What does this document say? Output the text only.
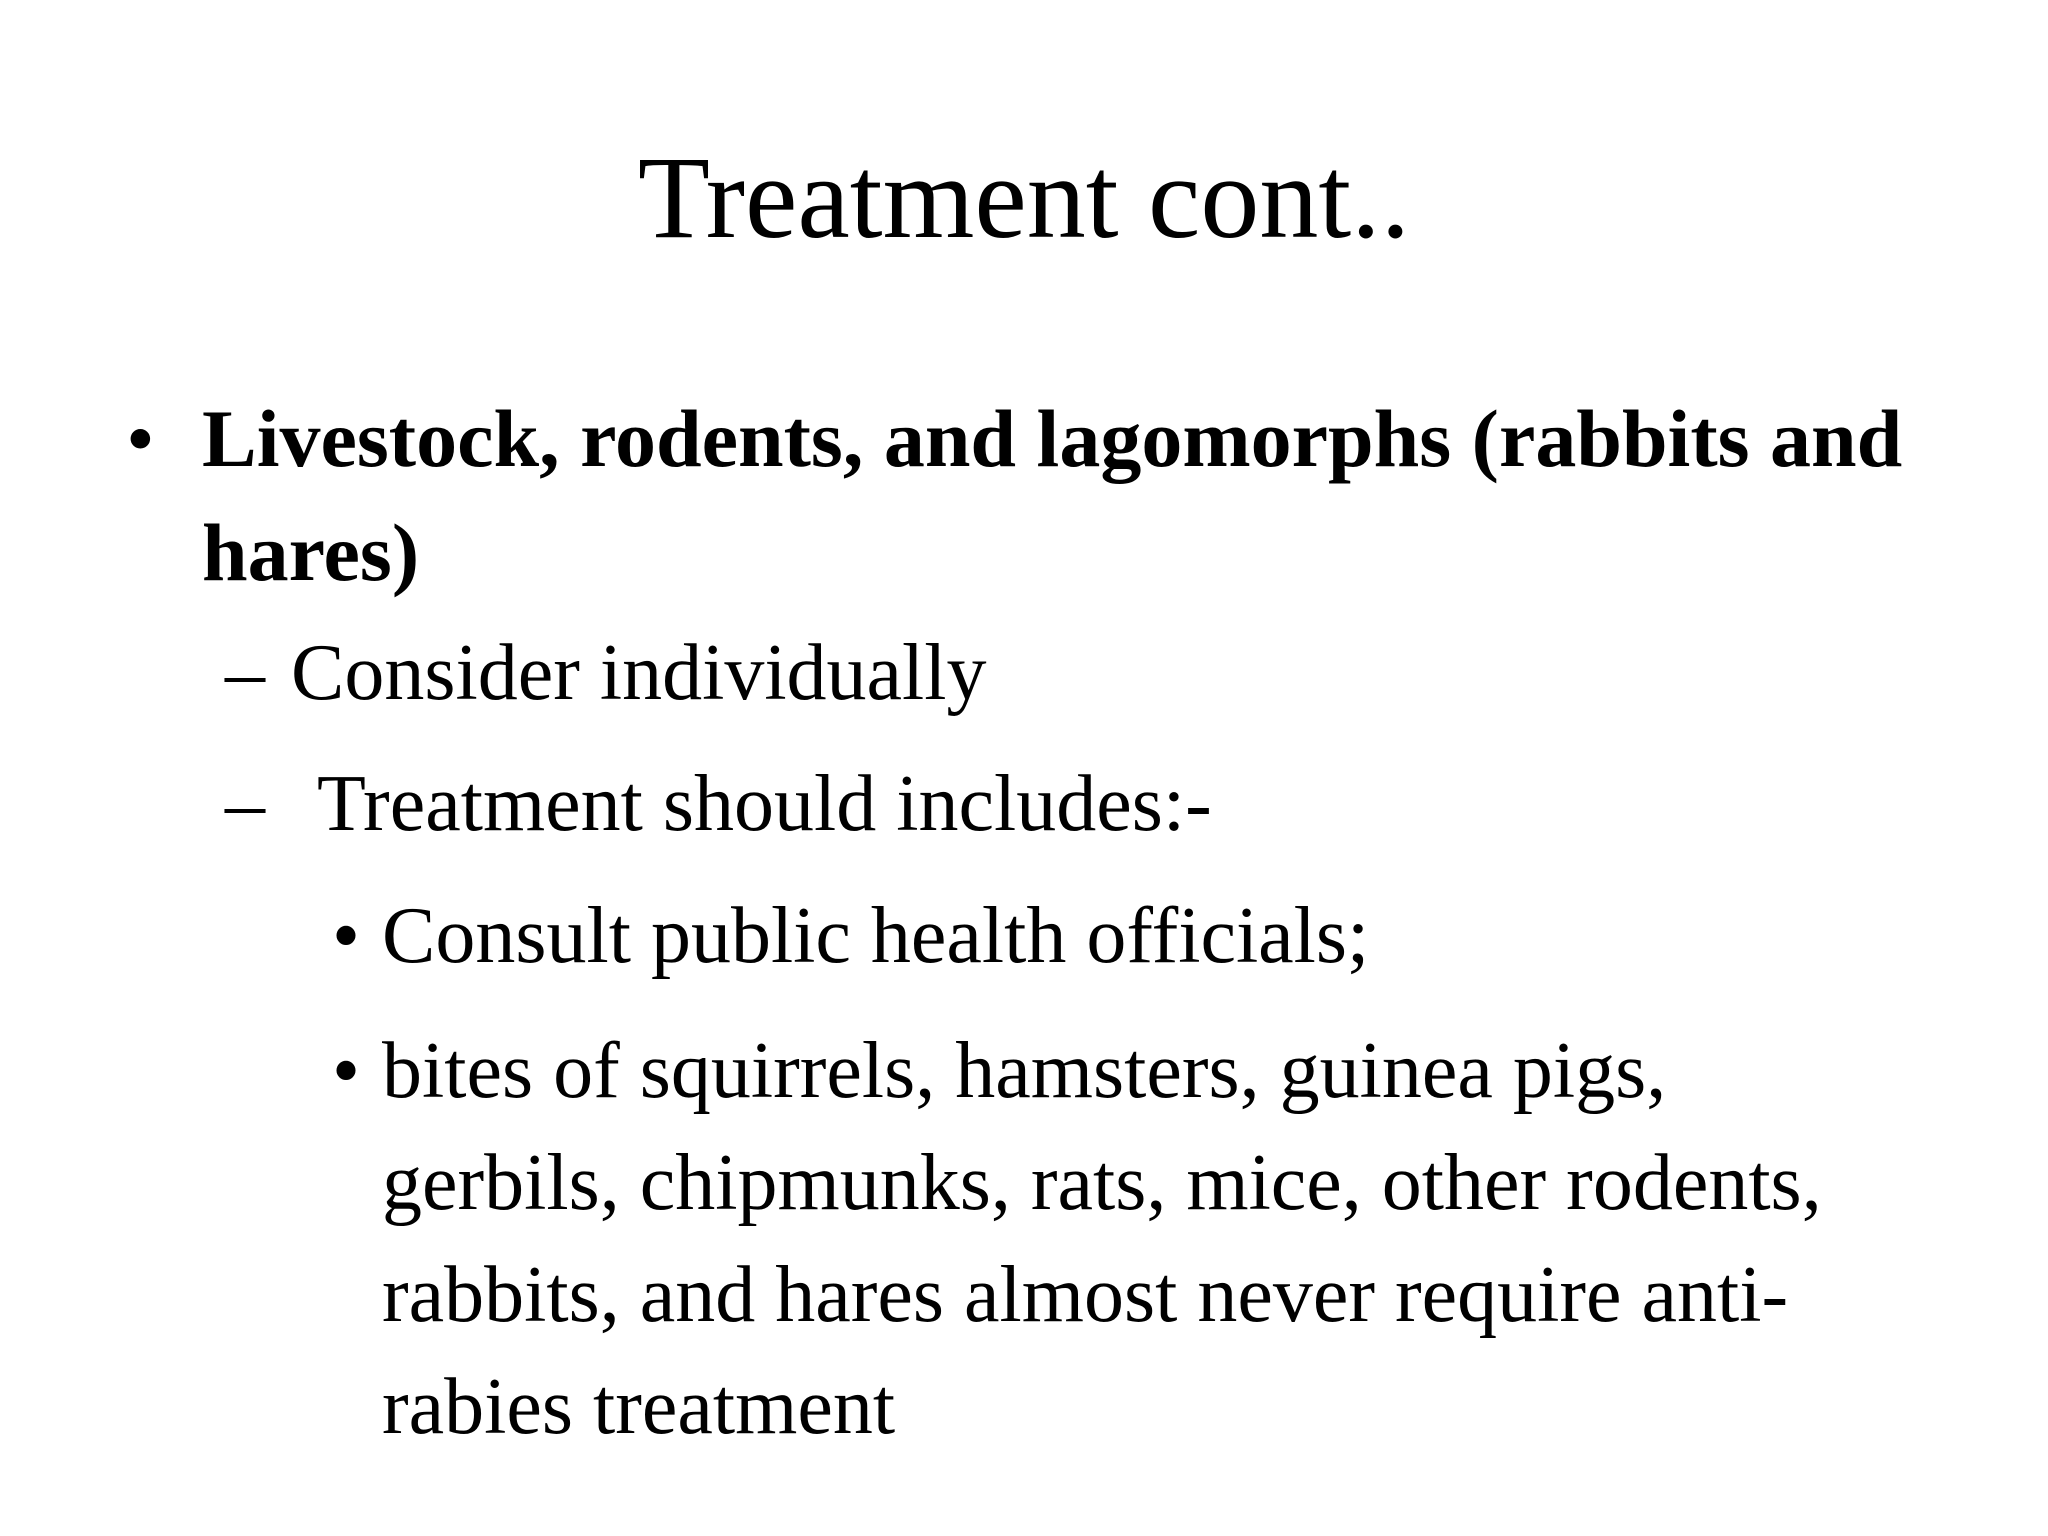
Treatment cont..
• Livestock, rodents, and lagomorphs (rabbits and hares)
– Consider individually
– Treatment should includes:-
• Consult public health officials;
• bites of squirrels, hamsters, guinea pigs, gerbils, chipmunks, rats, mice, other rodents, rabbits, and hares almost never require anti-rabies treatment
